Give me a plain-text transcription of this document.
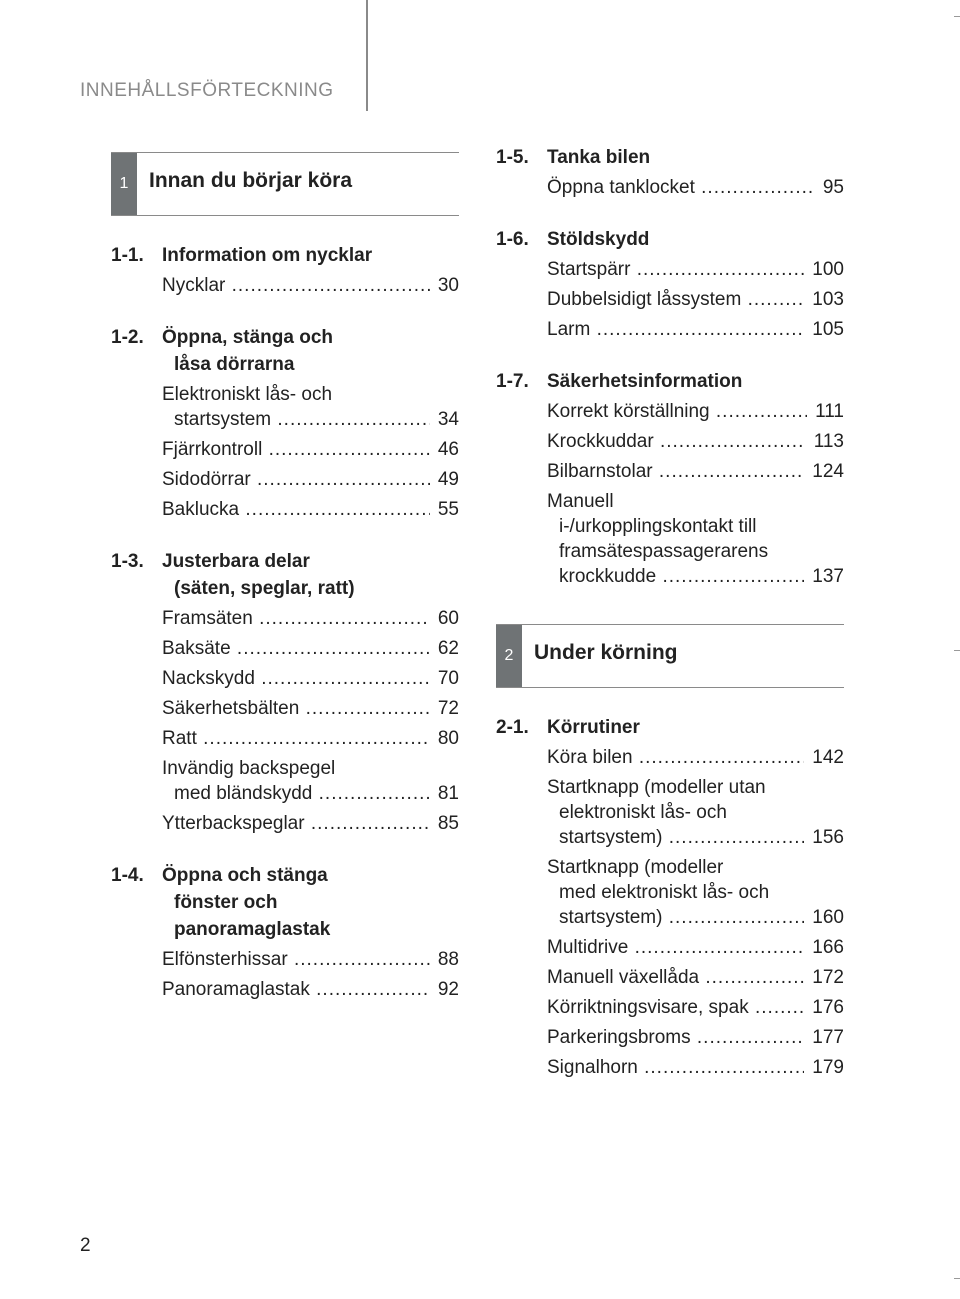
INNEHÅLLSFÖRTECKNING
1 Innan du börjar köra
1-1. Information om nycklar
Nycklar .....	30
1-2. Öppna, stänga och
låsa dörrarna
Elektroniskt lås- och
startsystem .....	34
Fjärrkontroll .....	46
Sidodörrar .....	49
Baklucka .....	55
1-3. Justerbara delar
(säten, speglar, ratt)
Framsäten .....	60
Baksäte .....	62
Nackskydd .....	70
Säkerhetsbälten .....	72
Ratt .....	80
Invändig backspegel
med bländskydd .....	81
Ytterbackspeglar .....	85
1-4. Öppna och stänga
fönster och
panoramaglastak
Elfönsterhissar .....	88
Panoramaglastak .....	92
1-5. Tanka bilen
Öppna tanklocket .....	95
1-6. Stöldskydd
Startspärr .....	100
Dubbelsidigt låssystem .....	103
Larm .....	105
1-7. Säkerhetsinformation
Korrekt körställning .....	111
Krockkuddar .....	113
Bilbarnstolar .....	124
Manuell
i-/urkopplingskontakt till
framsätespassagerarens
krockkudde .....	137
2 Under körning
2-1. Körrutiner
Köra bilen .....	142
Startknapp (modeller utan
elektroniskt lås- och
startsystem) .....	156
Startknapp (modeller
med elektroniskt lås- och
startsystem) .....	160
Multidrive .....	166
Manuell växellåda .....	172
Körriktningsvisare, spak .....	176
Parkeringsbroms .....	177
Signalhorn .....	179
2
